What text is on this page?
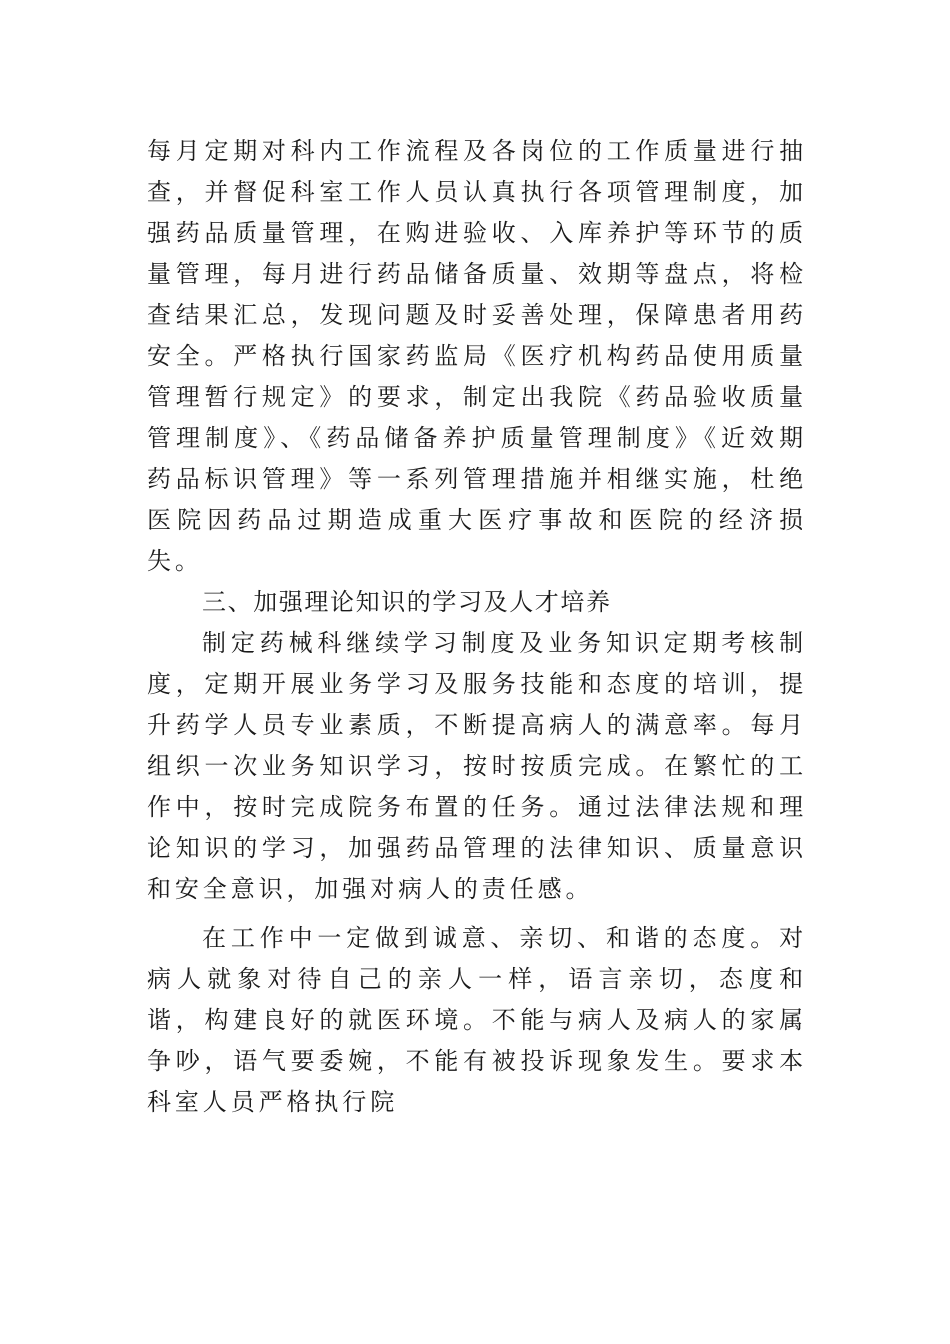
每月定期对科内工作流程及各岗位的工作质量进行抽查，并督促科室工作人员认真执行各项管理制度，加强药品质量管理，在购进验收、入库养护等环节的质量管理，每月进行药品储备质量、效期等盘点，将检查结果汇总，发现问题及时妥善处理，保障患者用药安全。严格执行国家药监局《医疗机构药品使用质量管理暂行规定》的要求，制定出我院《药品验收质量管理制度》、《药品储备养护质量管理制度》《近效期药品标识管理》等一系列管理措施并相继实施，杜绝医院因药品过期造成重大医疗事故和医院的经济损失。

三、加强理论知识的学习及人才培养

制定药械科继续学习制度及业务知识定期考核制度，定期开展业务学习及服务技能和态度的培训，提升药学人员专业素质，不断提高病人的满意率。每月组织一次业务知识学习，按时按质完成。在繁忙的工作中，按时完成院务布置的任务。通过法律法规和理论知识的学习，加强药品管理的法律知识、质量意识和安全意识，加强对病人的责任感。

在工作中一定做到诚意、亲切、和谐的态度。对病人就象对待自己的亲人一样，语言亲切，态度和谐，构建良好的就医环境。不能与病人及病人的家属争吵，语气要委婉，不能有被投诉现象发生。要求本科室人员严格执行院
